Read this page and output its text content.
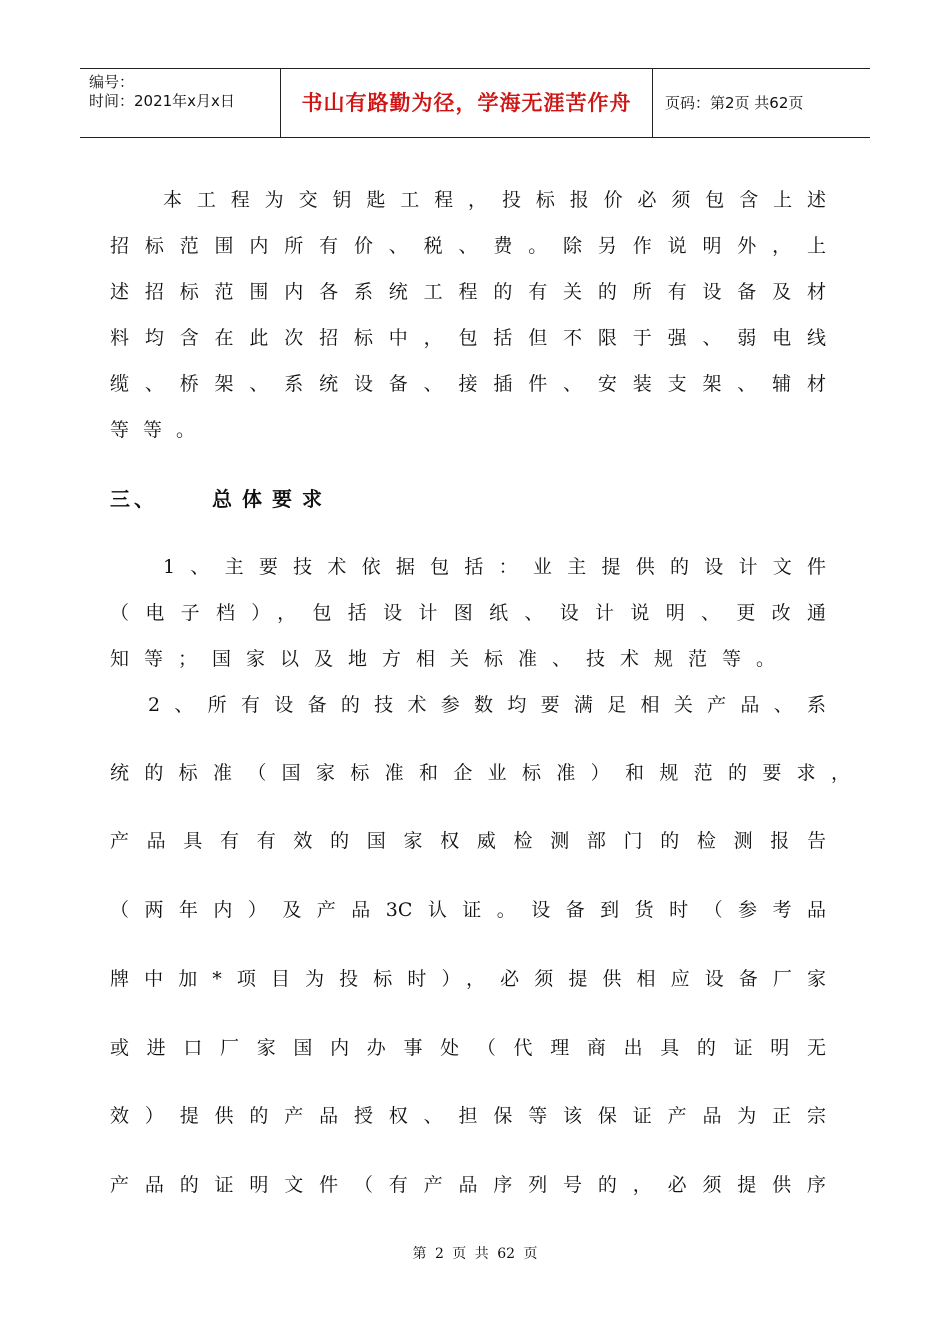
编号：
时间：2021年x月x日	书山有路勤为径，学海无涯苦作舟	页码：第2页 共62页
本工程为交钥匙工程，投标报价必须包含上述
招标范围内所有价、税、费。除另作说明外，上
述招标范围内各系统工程的有关的所有设备及材
料均含在此次招标中，包括但不限于强、弱电线
缆、桥架、系统设备、接插件、安装支架、辅材
等等。
三、	总体要求
1、主要技术依据包括：业主提供的设计文件
（电子档），包括设计图纸、设计说明、更改通
知等；国家以及地方相关标准、技术规范等。
2、所有设备的技术参数均要满足相关产品、系
统的标准（国家标准和企业标准）和规范的要求，
产品具有有效的国家权威检测部门的检测报告
（两年内）及产品3C认证。设备到货时（参考品
牌中加*项目为投标时），必须提供相应设备厂家
或进口厂家国内办事处（代理商出具的证明无
效）提供的产品授权、担保等该保证产品为正宗
产品的证明文件（有产品序列号的，必须提供序
第 2 页 共 62 页
